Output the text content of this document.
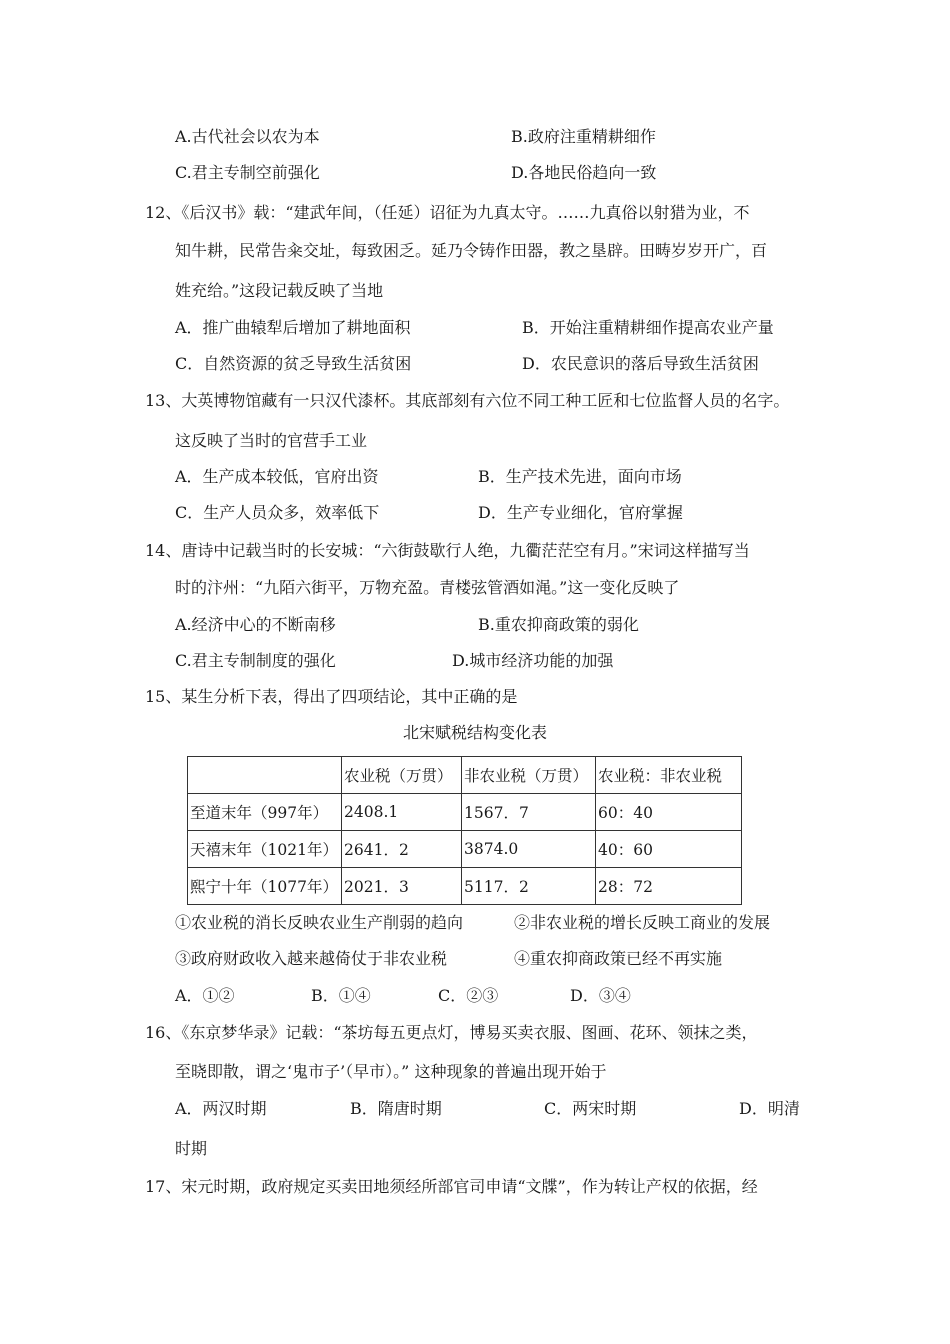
A.古代社会以农为本	B.政府注重精耕细作
C.君主专制空前强化	D.各地民俗趋向一致
12、《后汉书》载：“建武年间，（任延）诏征为九真太守。……九真俗以射猎为业，不
知牛耕，民常告籴交址，每致困乏。延乃令铸作田器，教之垦辟。田畴岁岁开广，百
姓充给。”这段记载反映了当地
A．推广曲辕犁后增加了耕地面积	B．开始注重精耕细作提高农业产量
C．自然资源的贫乏导致生活贫困	D．农民意识的落后导致生活贫困
13、大英博物馆藏有一只汉代漆杯。其底部刻有六位不同工种工匠和七位监督人员的名字。
这反映了当时的官营手工业
A．生产成本较低，官府出资	B．生产技术先进，面向市场
C．生产人员众多，效率低下	D．生产专业细化，官府掌握
14、唐诗中记载当时的长安城：“六街鼓歇行人绝，九衢茫茫空有月。”宋词这样描写当
时的汴州：“九陌六街平，万物充盈。青楼弦管酒如渑。”这一变化反映了
A.经济中心的不断南移	B.重农抑商政策的弱化
C.君主专制制度的强化	D.城市经济功能的加强
15、某生分析下表，得出了四项结论，其中正确的是
北宋赋税结构变化表
	农业税（万贯）	非农业税（万贯）	农业税：非农业税
至道末年（997年）	2408.1	1567．7	60：40
天禧末年（1021年）	2641．2	3874.0	40：60
熙宁十年（1077年）	2021．3	5117．2	28：72
①农业税的消长反映农业生产削弱的趋向	②非农业税的增长反映工商业的发展
③政府财政收入越来越倚仗于非农业税	④重农抑商政策已经不再实施
A．①②	B．①④	C．②③	D．③④
16、《东京梦华录》记载：“茶坊每五更点灯，博易买卖衣服、图画、花环、领抹之类，
至晓即散，谓之‘鬼市子’（早市）。” 这种现象的普遍出现开始于
A．两汉时期	B．隋唐时期	C．两宋时期	D．明清
时期
17、宋元时期，政府规定买卖田地须经所部官司申请“文牒”，作为转让产权的依据，经
